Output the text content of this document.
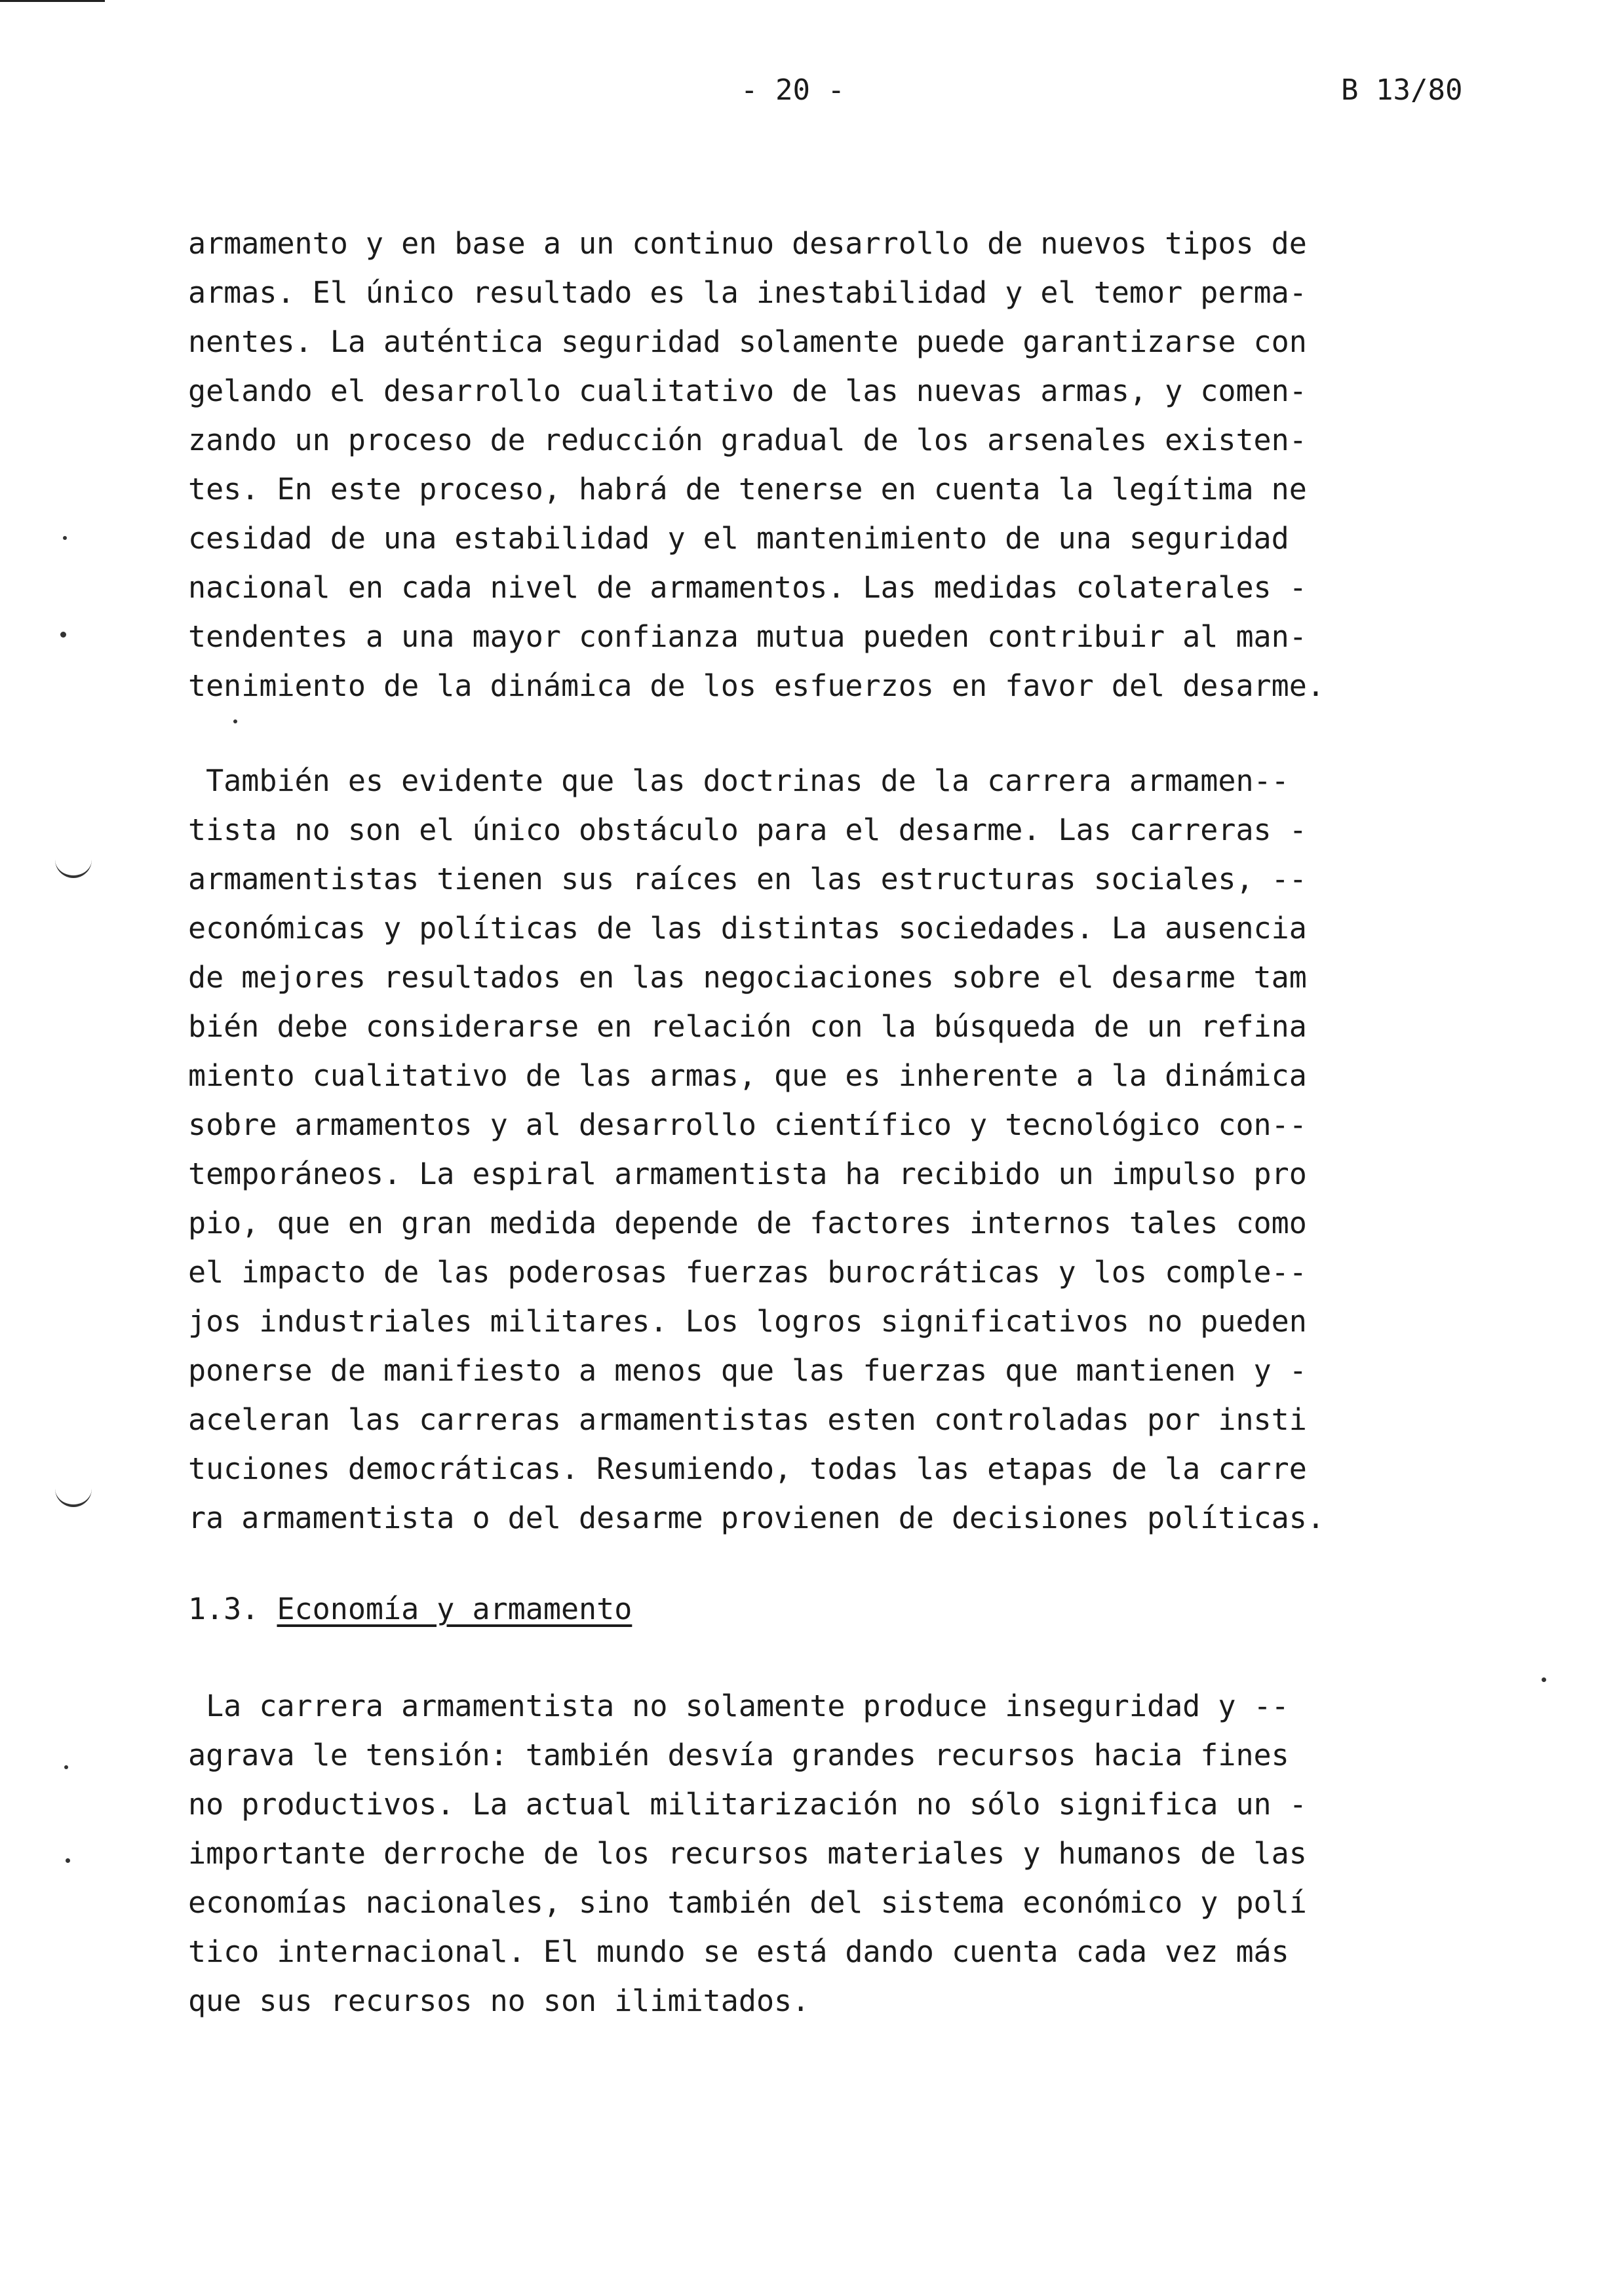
- 20 -	B 13/80
armamento y en base a un continuo desarrollo de nuevos tipos de
armas. El único resultado es la inestabilidad y el temor perma-
nentes. La auténtica seguridad solamente puede garantizarse con
gelando el desarrollo cualitativo de las nuevas armas, y comen-
zando un proceso de reducción gradual de los arsenales existen-
tes. En este proceso, habrá de tenerse en cuenta la legítima ne
cesidad de una estabilidad y el mantenimiento de una seguridad
nacional en cada nivel de armamentos. Las medidas colaterales -
tendentes a una mayor confianza mutua pueden contribuir al man-
tenimiento de la dinámica de los esfuerzos en favor del desarme.
También es evidente que las doctrinas de la carrera armamen--
tista no son el único obstáculo para el desarme. Las carreras -
armamentistas tienen sus raíces en las estructuras sociales, --
económicas y políticas de las distintas sociedades. La ausencia
de mejores resultados en las negociaciones sobre el desarme tam
bién debe considerarse en relación con la búsqueda de un refina
miento cualitativo de las armas, que es inherente a la dinámica
sobre armamentos y al desarrollo científico y tecnológico con--
temporáneos. La espiral armamentista ha recibido un impulso pro
pio, que en gran medida depende de factores internos tales como
el impacto de las poderosas fuerzas burocráticas y los comple--
jos industriales militares. Los logros significativos no pueden
ponerse de manifiesto a menos que las fuerzas que mantienen y -
aceleran las carreras armamentistas esten controladas por insti
tuciones democráticas. Resumiendo, todas las etapas de la carre
ra armamentista o del desarme provienen de decisiones políticas.
1.3. Economía y armamento
La carrera armamentista no solamente produce inseguridad y --
agrava le tensión: también desvía grandes recursos hacia fines
no productivos. La actual militarización no sólo significa un -
importante derroche de los recursos materiales y humanos de las
economías nacionales, sino también del sistema económico y polí
tico internacional. El mundo se está dando cuenta cada vez más
que sus recursos no son ilimitados.
